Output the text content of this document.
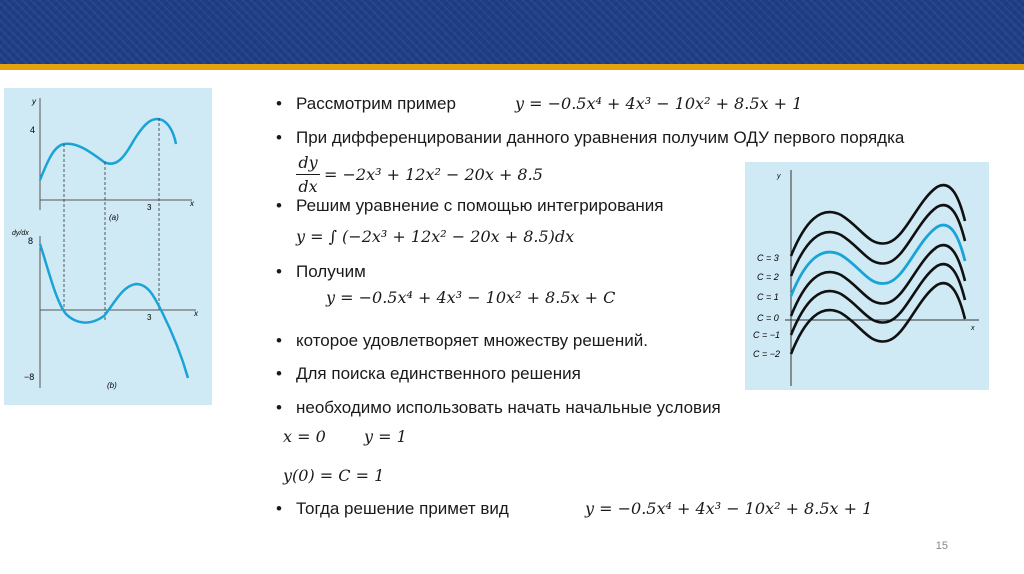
y
4
3	x
(a)
dy/dx
8
−8
3	x
(b)
y
x
C = 3
C = 2
C = 1
C = 0
C = −1
C = −2
• Рассмотрим пример	y = −0.5x⁴ + 4x³ − 10x² + 8.5x + 1
• При дифференцировании данного уравнения получим ОДУ первого порядка
dy
dx
= −2x³ + 12x² − 20x + 8.5
• Решим уравнение с помощью интегрирования
y = ∫ (−2x³ + 12x² − 20x + 8.5)dx
• Получим
y = −0.5x⁴ + 4x³ − 10x² + 8.5x + C
• которое удовлетворяет множеству решений.
• Для поиска единственного решения
• необходимо использовать начать начальные условия
x = 0 y = 1
y(0) = C = 1
• Тогда решение примет вид	y = −0.5x⁴ + 4x³ − 10x² + 8.5x + 1
15
